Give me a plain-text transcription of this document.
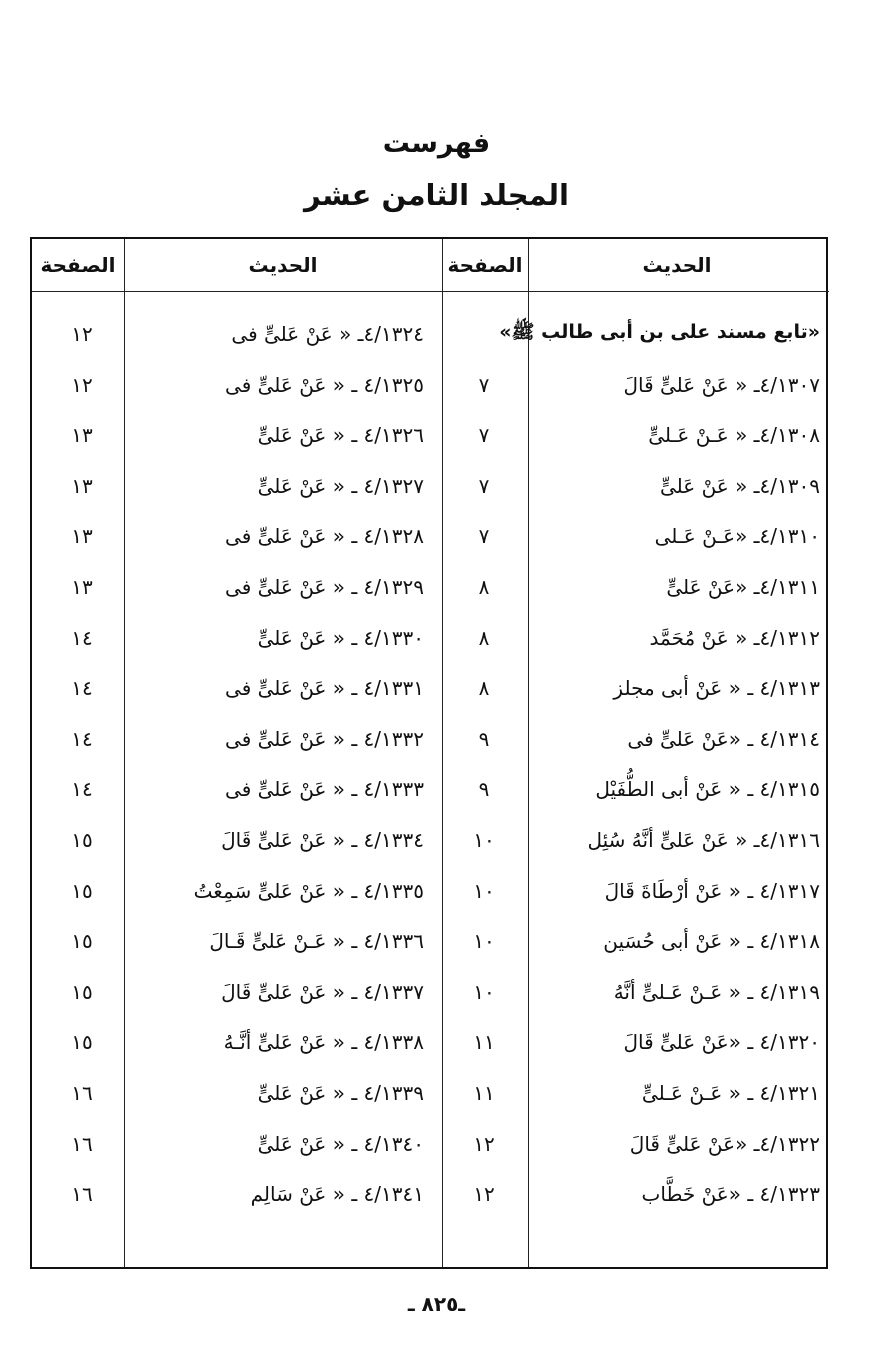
فهرست
المجلد الثامن عشر
الحديث
الصفحة
الحديث
الصفحة
«تابع مسند على بن أبى طالب ﷺ»
٤/١٣٢٤ـ « عَنْ عَلىٍّ فى
١٢
٤/١٣٠٧ـ « عَنْ عَلىٍّ قَالَ
٧
٤/١٣٢٥ ـ « عَنْ عَلىٍّ فى
١٢
٤/١٣٠٨ـ « عَـنْ عَـلىٍّ
٧
٤/١٣٢٦ ـ « عَنْ عَلىٍّ
١٣
٤/١٣٠٩ـ « عَنْ عَلىٍّ
٧
٤/١٣٢٧ ـ « عَنْ عَلىٍّ
١٣
٤/١٣١٠ـ «عَـنْ عَـلى
٧
٤/١٣٢٨ ـ « عَنْ عَلىٍّ فى
١٣
٤/١٣١١ـ «عَنْ عَلىٍّ
٨
٤/١٣٢٩ ـ « عَنْ عَلىٍّ فى
١٣
٤/١٣١٢ـ « عَنْ مُحَمَّد
٨
٤/١٣٣٠ ـ « عَنْ عَلىٍّ
١٤
٤/١٣١٣ ـ « عَنْ أبى مجلز
٨
٤/١٣٣١ ـ « عَنْ عَلىٍّ فى
١٤
٤/١٣١٤ ـ «عَنْ عَلىٍّ فى
٩
٤/١٣٣٢ ـ « عَنْ عَلىٍّ فى
١٤
٤/١٣١٥ ـ « عَنْ أبى الطُّفَيْل
٩
٤/١٣٣٣ ـ « عَنْ عَلىٍّ فى
١٤
٤/١٣١٦ـ « عَنْ عَلىٍّ أنَّهُ سُئِل
١٠
٤/١٣٣٤ ـ « عَنْ عَلىٍّ قَالَ
١٥
٤/١٣١٧ ـ « عَنْ أرْطَاةَ قَالَ
١٠
٤/١٣٣٥ ـ « عَنْ عَلىٍّ سَمِعْتُ
١٥
٤/١٣١٨ ـ « عَنْ أبى حُسَين
١٠
٤/١٣٣٦ ـ « عَـنْ عَلىٍّ قَـالَ
١٥
٤/١٣١٩ ـ « عَـنْ عَـلىٍّ أنَّهُ
١٠
٤/١٣٣٧ ـ « عَنْ عَلىٍّ قَالَ
١٥
٤/١٣٢٠ ـ «عَنْ عَلىٍّ قَالَ
١١
٤/١٣٣٨ ـ « عَنْ عَلىٍّ أنَّـهُ
١٥
٤/١٣٢١ ـ « عَـنْ عَـلىٍّ
١١
٤/١٣٣٩ ـ « عَنْ عَلىٍّ
١٦
٤/١٣٢٢ـ «عَنْ عَلىٍّ قَالَ
١٢
٤/١٣٤٠ ـ « عَنْ عَلىٍّ
١٦
٤/١٣٢٣ ـ «عَنْ خَطَّاب
١٢
٤/١٣٤١ ـ « عَنْ سَالِم
١٦
ـ٨٢٥ ـ
